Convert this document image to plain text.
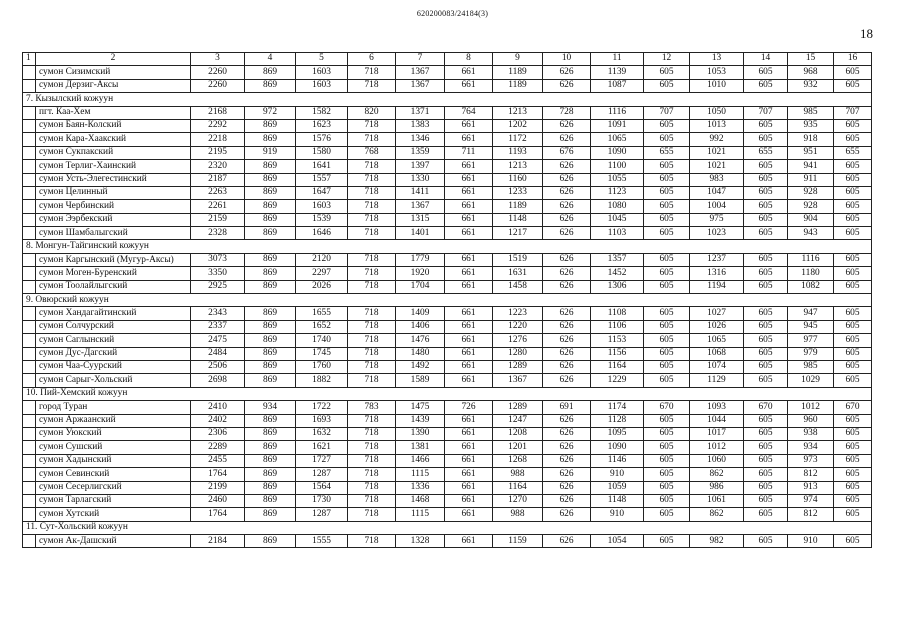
620200083/24184(3)
18
1	2	3	4	5	6	7	8	9	10	11	12	13	14	15	16
	сумон Сизимский	2260	869	1603	718	1367	661	1189	626	1139	605	1053	605	968	605
	сумон Дерзиг-Аксы	2260	869	1603	718	1367	661	1189	626	1087	605	1010	605	932	605
7. Кызылский кожуун															
	пгт. Каа-Хем	2168	972	1582	820	1371	764	1213	728	1116	707	1050	707	985	707
	сумон Баян-Колский	2292	869	1623	718	1383	661	1202	626	1091	605	1013	605	935	605
	сумон Кара-Хаакский	2218	869	1576	718	1346	661	1172	626	1065	605	992	605	918	605
	сумон Сукпакский	2195	919	1580	768	1359	711	1193	676	1090	655	1021	655	951	655
	сумон Терлиг-Хаинский	2320	869	1641	718	1397	661	1213	626	1100	605	1021	605	941	605
	сумон Усть-Элегестинский	2187	869	1557	718	1330	661	1160	626	1055	605	983	605	911	605
	сумон Целинный	2263	869	1647	718	1411	661	1233	626	1123	605	1047	605	928	605
	сумон Чербинский	2261	869	1603	718	1367	661	1189	626	1080	605	1004	605	928	605
	сумон Ээрбекский	2159	869	1539	718	1315	661	1148	626	1045	605	975	605	904	605
	сумон Шамбалыгский	2328	869	1646	718	1401	661	1217	626	1103	605	1023	605	943	605
8. Монгун-Тайгинский кожуун															
	сумон Каргынский (Мугур-Аксы)	3073	869	2120	718	1779	661	1519	626	1357	605	1237	605	1116	605
	сумон Моген-Буренский	3350	869	2297	718	1920	661	1631	626	1452	605	1316	605	1180	605
	сумон Тоолайлыгский	2925	869	2026	718	1704	661	1458	626	1306	605	1194	605	1082	605
9. Овюрский кожуун															
	сумон Хандагайтинский	2343	869	1655	718	1409	661	1223	626	1108	605	1027	605	947	605
	сумон Солчурский	2337	869	1652	718	1406	661	1220	626	1106	605	1026	605	945	605
	сумон Саглынский	2475	869	1740	718	1476	661	1276	626	1153	605	1065	605	977	605
	сумон Дус-Дагский	2484	869	1745	718	1480	661	1280	626	1156	605	1068	605	979	605
	сумон Чаа-Суурский	2506	869	1760	718	1492	661	1289	626	1164	605	1074	605	985	605
	сумон Сарыг-Хольский	2698	869	1882	718	1589	661	1367	626	1229	605	1129	605	1029	605
10. Пий-Хемский кожуун															
	город Туран	2410	934	1722	783	1475	726	1289	691	1174	670	1093	670	1012	670
	сумон Аржаанский	2402	869	1693	718	1439	661	1247	626	1128	605	1044	605	960	605
	сумон Уюкский	2306	869	1632	718	1390	661	1208	626	1095	605	1017	605	938	605
	сумон Сушский	2289	869	1621	718	1381	661	1201	626	1090	605	1012	605	934	605
	сумон Хадынский	2455	869	1727	718	1466	661	1268	626	1146	605	1060	605	973	605
	сумон Севинский	1764	869	1287	718	1115	661	988	626	910	605	862	605	812	605
	сумон Сесерлигский	2199	869	1564	718	1336	661	1164	626	1059	605	986	605	913	605
	сумон Тарлагский	2460	869	1730	718	1468	661	1270	626	1148	605	1061	605	974	605
	сумон Хутский	1764	869	1287	718	1115	661	988	626	910	605	862	605	812	605
11. Сут-Хольский кожуун															
	сумон Ак-Дашский	2184	869	1555	718	1328	661	1159	626	1054	605	982	605	910	605
